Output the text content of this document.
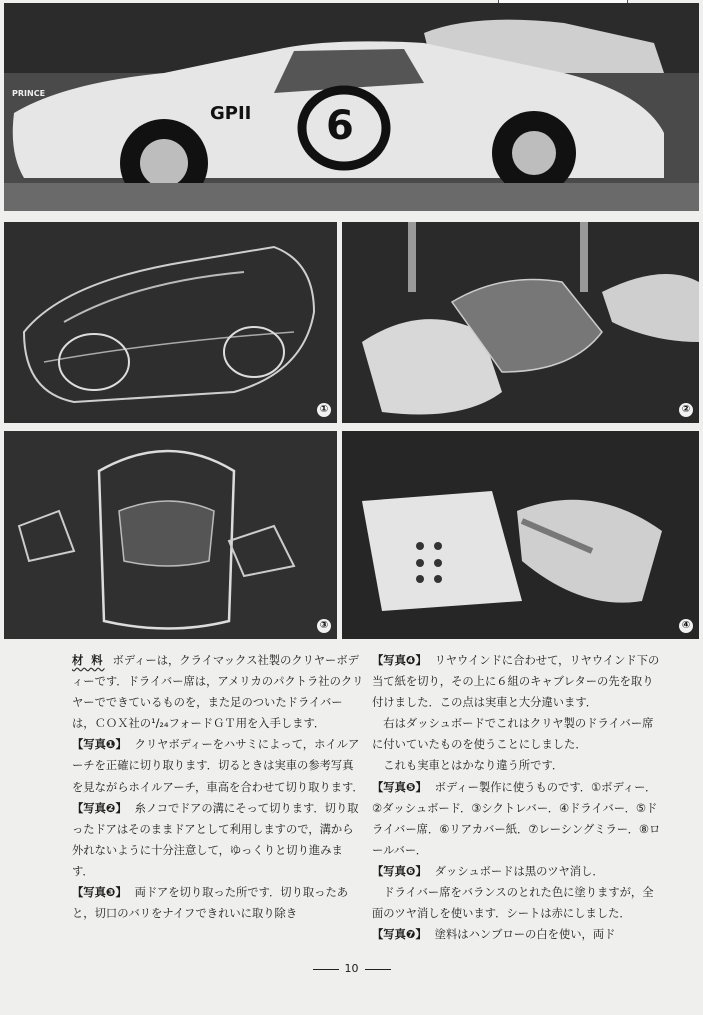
6
GPII
PRINCE
①	②
③	④

材 料 ボディーは，クライマックス社製のクリヤーボディーです．ドライバー席は，アメリカのパクトラ社のクリヤーでできているものを，また足のついたドライバーは，ＣＯＸ社の¹/₂₄フォードＧＴ用を入手します．

【写真❶】 クリヤボディーをハサミによって，ホイルアーチを正確に切り取ります．切るときは実車の参考写真を見ながらホイルアーチ，車高を合わせて切り取ります．

【写真❷】 糸ノコでドアの溝にそって切ります．切り取ったドアはそのままドアとして利用しますので，溝から外れないように十分注意して，ゆっくりと切り進みます．

【写真❸】 両ドアを切り取った所です．切り取ったあと，切口のバリをナイフできれいに取り除き

【写真❹】 リヤウインドに合わせて，リヤウインド下の当て紙を切り，その上に６組のキャブレターの先を取り付けました．この点は実車と大分違います．

右はダッシュボードでこれはクリヤ製のドライバー席に付いていたものを使うことにしました．

これも実車とはかなり違う所です．

【写真❺】 ボディー製作に使うものです．①ボディー．②ダッシュボード．③シクトレバー．④ドライバー．⑤ドライバー席．⑥リアカバー紙．⑦レーシングミラー．⑧ロールバー．

【写真❻】 ダッシュボードは黒のツヤ消し．

ドライバー席をバランスのとれた色に塗りますが，全面のツヤ消しを使います．シートは赤にしました．

【写真❼】 塗料はハンブローの白を使い，両ド

10
